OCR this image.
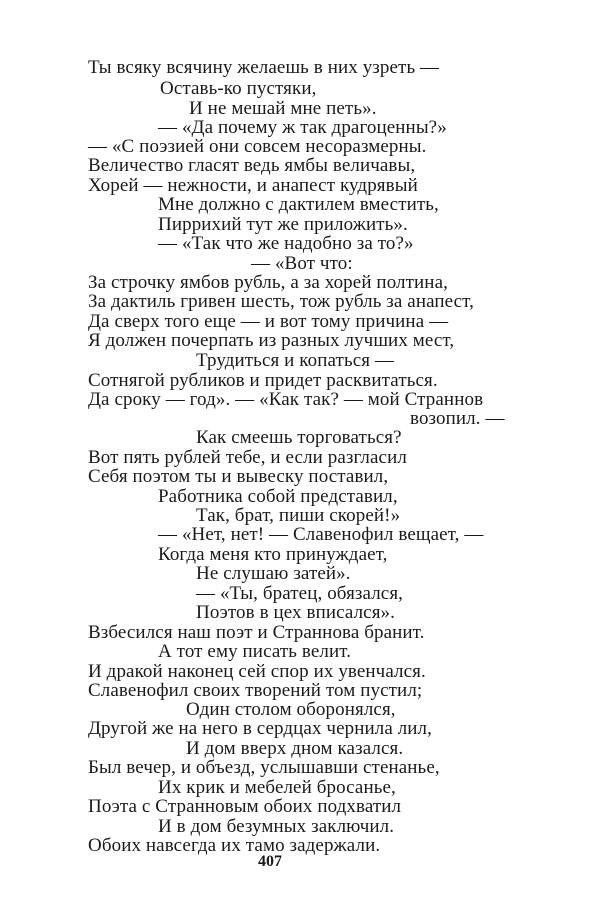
Ты всяку всячину желаешь в них узреть —
Оставь-ко пустяки,
И не мешай мне петь».
— «Да почему ж так драгоценны?»
— «С поэзией они совсем несоразмерны.
Величество гласят ведь ямбы величавы,
Хорей — нежности, и анапест кудрявый
Мне должно с дактилем вместить,
Пиррихий тут же приложить».
— «Так что же надобно за то?»
— «Вот что:
За строчку ямбов рубль, а за хорей полтина,
За дактиль гривен шесть, тож рубль за анапест,
Да сверх того еще — и вот тому причина —
Я должен почерпать из разных лучших мест,
Трудиться и копаться —
Сотнягой рубликов и придет расквитаться.
Да сроку — год». — «Как так? — мой Страннов
возопил. —
Как смеешь торговаться?
Вот пять рублей тебе, и если разгласил
Себя поэтом ты и вывеску поставил,
Работника собой представил,
Так, брат, пиши скорей!»
— «Нет, нет! — Славенофил вещает, —
Когда меня кто принуждает,
Не слушаю затей».
— «Ты, братец, обязался,
Поэтов в цех вписался».
Взбесился наш поэт и Страннова бранит.
А тот ему писать велит.
И дракой наконец сей спор их увенчался.
Славенофил своих творений том пустил;
Один столом оборонялся,
Другой же на него в сердцах чернила лил,
И дом вверх дном казался.
Был вечер, и объезд, услышавши стенанье,
Их крик и мебелей бросанье,
Поэта с Странновым обоих подхватил
И в дом безумных заключил.
Обоих навсегда их тамо задержали.
407
